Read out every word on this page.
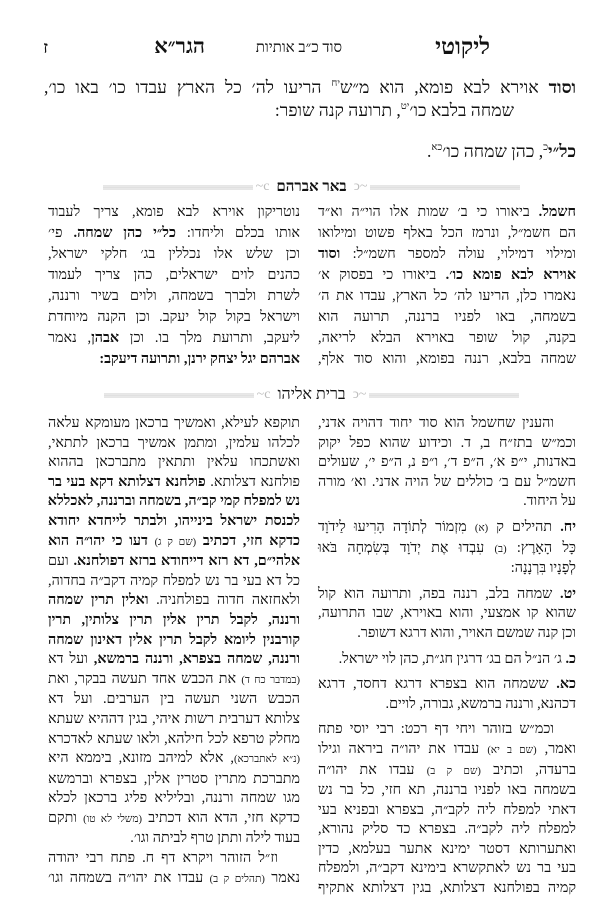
ליקוטי
סוד כ״ב אותיות
הגר״א
ז
וסוד אוירא לבא פומא, הוא מ״ש$^{יח}$ הריעו לה׳ כל הארץ עבדו כו׳ באו כו׳,
שמחה בלבא כו׳$^{יט}$, תרועה קנה שופר:
כל״י$^כ$, כהן שמחה כו׳$^{כא}$.
~ↄ
באר אברהם
c~
חשמל. ביאורו כי ב׳ שמות אלו הוי״ה וא״ד
הם חשמ״ל, ונרמז הכל באלף פשוט ומילואו
ומילוי דמילוי, עולה למספר חשמ״ל: וסוד
אוירא לבא פומא כו׳. ביאורו כי בפסוק א׳
נאמרו כלן, הריעו לה׳ כל הארץ, עבדו את ה׳
בשמחה, באו לפניו ברננה, תרועה הוא
בקנה, קול שופר באוירא הבלא לריאה,
שמחה בלבא, רננה בפומא, והוא סוד אלף,
נוטריקון אוירא לבא פומא, צריך לעבוד
אותו בכלם וליחדו: כל״י כהן שמחה. פי׳
וכן שלש אלו נכללין בג׳ חלקי ישראל,
כהנים לוים ישראלים, כהן צריך לעמוד
לשרת ולברך בשמחה, ולוים בשיר ורננה,
וישראל בקול קול יעקב. וכן הקנה מיוחדת
ליעקב, ותרועת מלך בו. וכן אבהן, נאמר
אברהם יגל יצחק ירנן, ותרועה דיעקב:
~ↄ
ברית אליהו
c~
והענין שחשמל הוא סוד יחוד דהויה אדני,
וכמ״ש בתז״ח ב, ד. וכידוע שהוא כפל יקוק
באדנות, י״פ א׳, ה״פ ד׳, ו״פ נ, ה״פ י׳, שעולים
חשמ״ל עם ב׳ כוללים של הויה אדני. וא׳ מורה
על היחוד.
יח. תהילים ק (א) מִזְמוֹר לְתוֹדָה הָרִיעוּ לַידֹוָד
כָּל הָאָרֶץ: (ב) עִבְדוּ אֶת יְדֹוָד בְּשִׂמְחָה בֹּאוּ
לְפָנָיו בִּרְנָנָה:
יט. שמחה בלב, רננה בפה, ותרועה הוא קול
שהוא קו אמצעי, והוא באוירא, שבו התרועה,
וכן קנה שמשם האויר, והוא דרגא דשופר.
כ. ג׳ הנ״ל הם בג׳ דרגין חג״ת, כהן לוי ישראל.
כא. ששמחה הוא בצפרא דרגא דחסד, דרגא
דכהנא, ורננה ברמשא, גבורה, לויים.
וכמ״ש בזוהר ויחי דף רכט: רבי יוסי פתח
ואמר, (שם ב יא) עבדו את יהו״ה ביראה וגילו
ברעדה, וכתיב (שם ק ב) עבדו את יהו״ה
בשמחה באו לפניו ברננה, תא חזי, כל בר נש
דאתי למפלח ליה לקב״ה, בצפרא ובפניא בעי
למפלח ליה לקב״ה. בצפרא כד סליק נהורא,
ואתערותא דסטר ימינא אתער בעלמא, כדין
בעי בר נש לאתקשרא בימינא דקב״ה, ולמפלח
קמיה בפולחנא דצלותא, בגין דצלותא אתקיף
תוקפא לעילא, ואמשיך ברכאן מעומקא עלאה
לכלהו עלמין, ומתמן אמשיך ברכאן לתתאי,
ואשתכחו עלאין ותתאין מתברכאן בההוא
פולחנא דצלותא. פולחנא דצלותא דקא בעי בר
נש למפלח קמי קב״ה, בשמחה וברננה, לאכללא
לכנסת ישראל בינייהו, ולבתר לייחדא יחודא
כדקא חזי, דכתיב (שם ק ג) דעו כי יהו״ה הוא
אלהי״ם, דא רזא דייחודא ברזא דפולחנא. ועם
כל דא בעי בר נש למפלח קמיה דקב״ה בחדוה,
ולאחזאה חדוה בפולחניה. ואלין תרין שמחה
ורננה, לקבל תרין אלין תרין צלותין, תרין
קורבנין ליומא לקבל תרין אלין דאינון שמחה
ורננה, שמחה בצפרא, ורננה ברמשא, ועל דא
(במדבר כח ד) את הכבש אחד תעשה בבקר, ואת
הכבש השני תעשה בין הערבים. ועל דא
צלותא דערבית רשות איהי, בגין דההיא שעתא
מחלק טרפא לכל חילהא, ולאו שעתא לאדכרא
(נ״א לאתברכא), אלא למיהב מזונא, ביממא היא
מתברכת מתרין סטרין אלין, בצפרא וברמשא
מגו שמחה ורננה, ובליליא פליג ברכאן לכלא
כדקא חזי, הדא הוא דכתיב (משלי לא טו) ותקם
בעוד לילה ותתן טרף לביתה וגו׳.
וז״ל הזוהר ויקרא דף ח. פתח רבי יהודה
נאמר (תהלים ק ב) עבדו את יהו״ה בשמחה וגו׳
